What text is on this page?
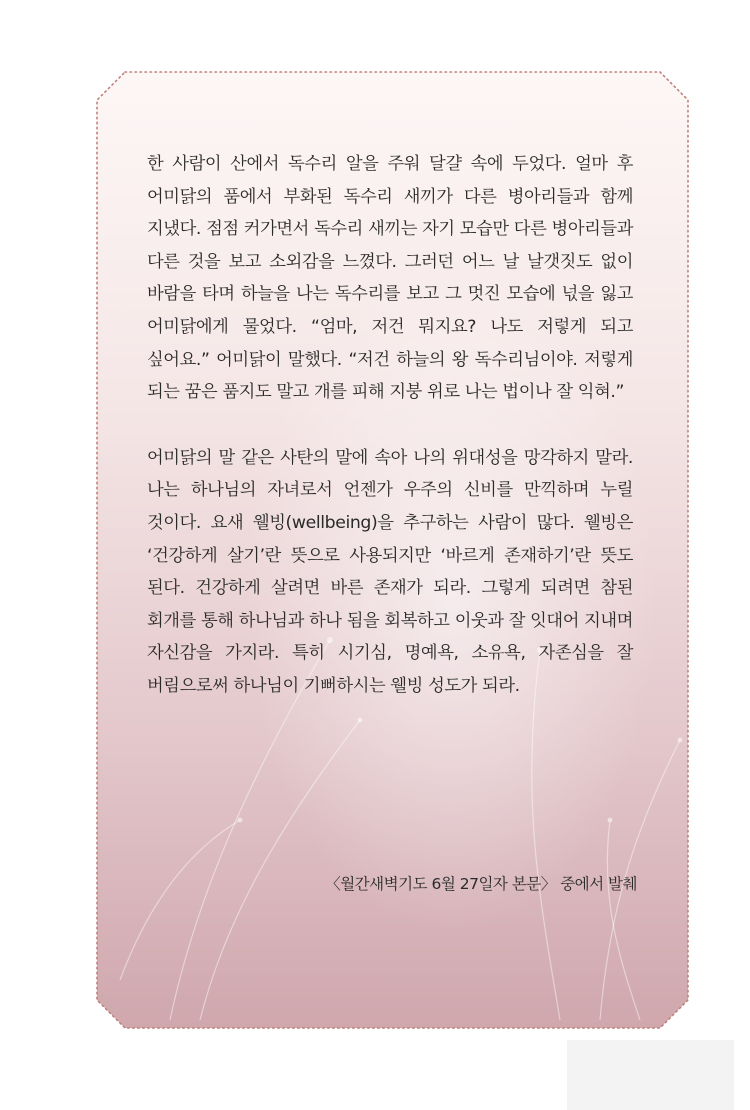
한 사람이 산에서 독수리 알을 주워 달걀 속에 두었다. 얼마 후 어미닭의 품에서 부화된 독수리 새끼가 다른 병아리들과 함께 지냈다. 점점 커가면서 독수리 새끼는 자기 모습만 다른 병아리들과 다른 것을 보고 소외감을 느꼈다. 그러던 어느 날 날갯짓도 없이 바람을 타며 하늘을 나는 독수리를 보고 그 멋진 모습에 넋을 잃고 어미닭에게 물었다. “엄마, 저건 뭐지요? 나도 저렇게 되고 싶어요.” 어미닭이 말했다. “저건 하늘의 왕 독수리님이야. 저렇게 되는 꿈은 품지도 말고 개를 피해 지붕 위로 나는 법이나 잘 익혀.”

어미닭의 말 같은 사탄의 말에 속아 나의 위대성을 망각하지 말라. 나는 하나님의 자녀로서 언젠가 우주의 신비를 만끽하며 누릴 것이다. 요새 웰빙(wellbeing)을 추구하는 사람이 많다. 웰빙은 ‘건강하게 살기’란 뜻으로 사용되지만 ‘바르게 존재하기’란 뜻도 된다. 건강하게 살려면 바른 존재가 되라. 그렇게 되려면 참된 회개를 통해 하나님과 하나 됨을 회복하고 이웃과 잘 잇대어 지내며 자신감을 가지라. 특히 시기심, 명예욕, 소유욕, 자존심을 잘 버림으로써 하나님이 기뻐하시는 웰빙 성도가 되라.

〈월간새벽기도 6월 27일자 본문〉 중에서 발췌
